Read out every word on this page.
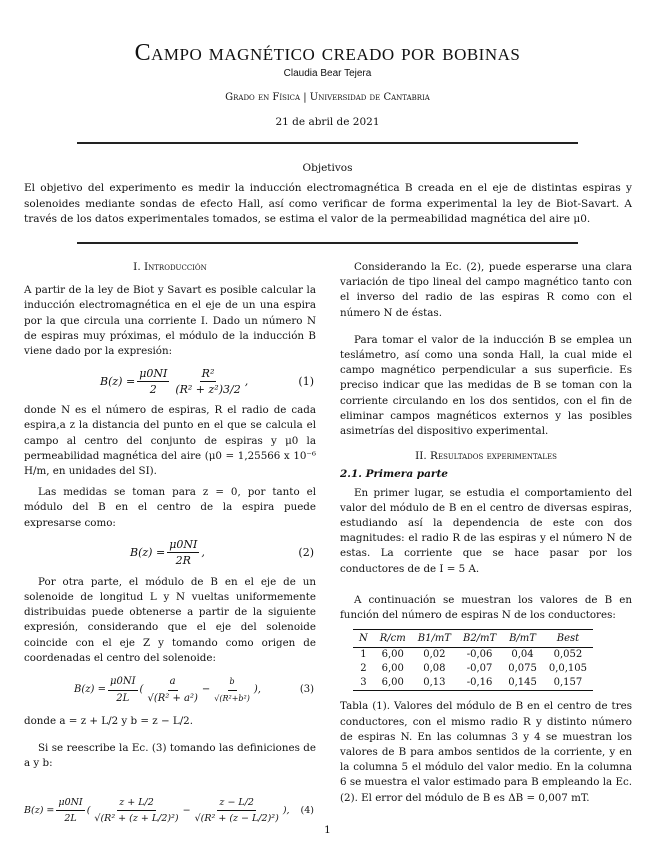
Campo magnético creado por bobinas
Claudia Bear Tejera
Grado en Física | Universidad de Cantabria
21 de abril de 2021
Objetivos
El objetivo del experimento es medir la inducción electromagnética B creada en el eje de distintas espiras y solenoides mediante sondas de efecto Hall, así como verificar de forma experimental la ley de Biot-Savart. A través de los datos experimentales tomados, se estima el valor de la permeabilidad magnética del aire μ0.

I. Introducción

A partir de la ley de Biot y Savart es posible calcular la inducción electromagnética en el eje de un una espira por la que circula una corriente I. Dado un número N de espiras muy próximas, el módulo de la inducción B viene dado por la expresión:

$B(z) = \frac{\mu 0NI}{2} \frac{\text{R²}}{\text{(R² + z²)3/2}}$ ,	(1)

donde N es el número de espiras, R el radio de cada espira,a z la distancia del punto en el que se calcula el campo al centro del conjunto de espiras y μ0 la permeabilidad magnética del aire (μ0 = 1,25566 x 10⁻⁶ H/m, en unidades del SI).

Las medidas se toman para z = 0, por tanto el módulo del B en el centro de la espira puede expresarse como:

$B(z) = \frac{\mu 0NI}{2R}$ ,	(2)

Por otra parte, el módulo de B en el eje de un solenoide de longitud L y N vueltas uniformemente distribuidas puede obtenerse a partir de la siguiente expresión, considerando que el eje del solenoide coincide con el eje Z y tomando como origen de coordenadas el centro del solenoide:

$B(z) = \frac{\mu 0NI}{2L}$ ( $\frac{a}{\text{√(R² + a²)}} - \frac{b}{\text{√(R²+b²)}}$ ),	(3)

donde a = z + L/2 y b = z − L/2.

Si se reescribe la Ec. (3) tomando las definiciones de a y b:

$B(z) = \frac{\mu 0NI}{2L}$ ( $\frac{z + L/2}{\text{√(R² + (z + L/2)²)}} - \frac{z - L/2}{\text{√(R² + (z − L/2)²)}}$ ), (4)

Considerando la Ec. (2), puede esperarse una clara variación de tipo lineal del campo magnético tanto con el inverso del radio de las espiras R como con el número N de éstas.

Para tomar el valor de la inducción B se emplea un teslámetro, así como una sonda Hall, la cual mide el campo magnético perpendicular a sus superficie. Es preciso indicar que las medidas de B se toman con la corriente circulando en los dos sentidos, con el fin de eliminar campos magnéticos externos y las posibles asimetrías del dispositivo experimental.

II. Resultados experimentales

2.1. Primera parte

En primer lugar, se estudia el comportamiento del valor del módulo de B en el centro de diversas espiras, estudiando así la dependencia de este con dos magnitudes: el radio R de las espiras y el número N de estas. La corriente que se hace pasar por los conductores de de I = 5 A.

A continuación se muestran los valores de B en función del número de espiras N de los conductores:

N	R/cm	B1/mT	B2/mT	B/mT	Best
1	6,00	0,02	-0,06	0,04	0,052
2	6,00	0,08	-0,07	0,075	0,0,105
3	6,00	0,13	-0,16	0,145	0,157

Tabla (1). Valores del módulo de B en el centro de tres conductores, con el mismo radio R y distinto número de espiras N. En las columnas 3 y 4 se muestran los valores de B para ambos sentidos de la corriente, y en la columna 5 el módulo del valor medio. En la columna 6 se muestra el valor estimado para B empleando la Ec. (2). El error del módulo de B es ΔB = 0,007 mT.

1
